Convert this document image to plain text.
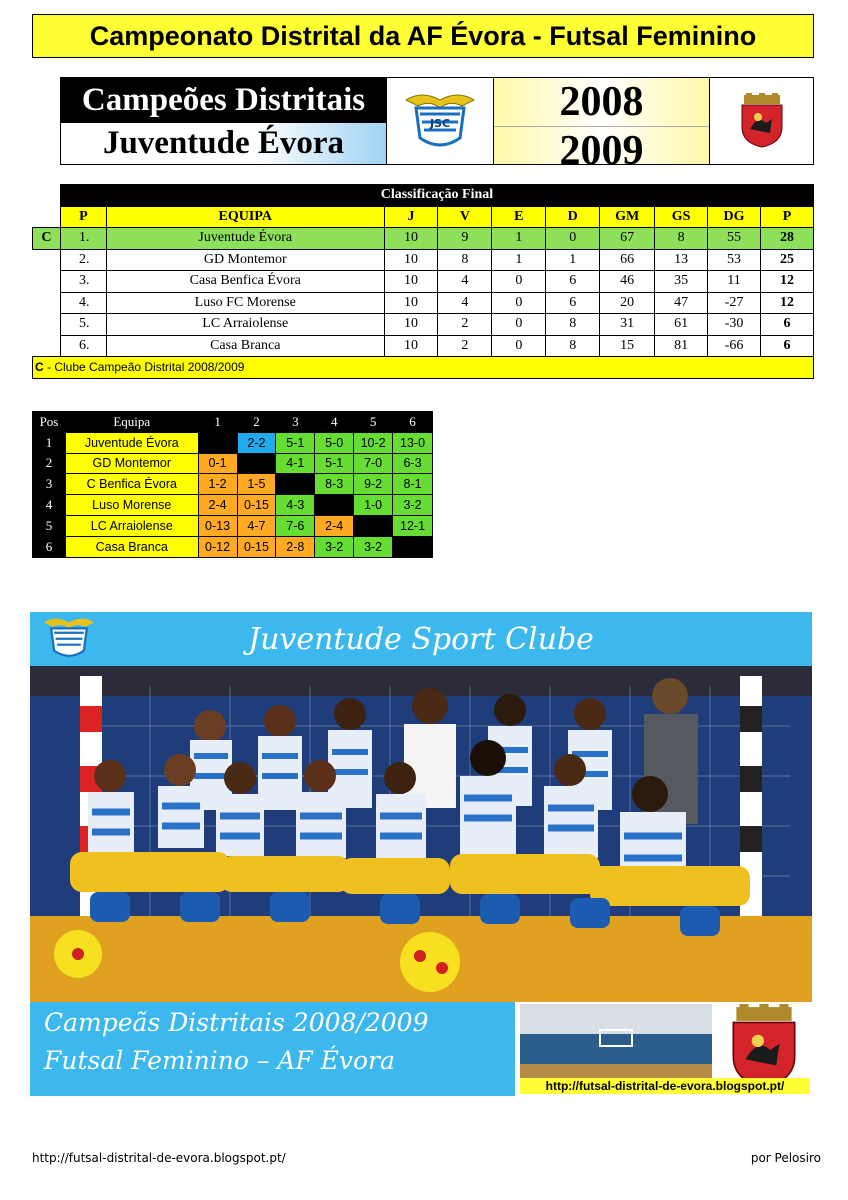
Campeonato Distrital da AF Évora - Futsal Feminino
Campeões Distritais
Juventude Évora
JSC	2008
2009
	Classificação Final									
	P	EQUIPA	J	V	E	D	GM	GS	DG	P
C	1.	Juventude Évora	10	9	1	0	67	8	55	28
	2.	GD Montemor	10	8	1	1	66	13	53	25
	3.	Casa Benfica Évora	10	4	0	6	46	35	11	12
	4.	Luso FC Morense	10	4	0	6	20	47	-27	12
	5.	LC Arraiolense	10	2	0	8	31	61	-30	6
	6.	Casa Branca	10	2	0	8	15	81	-66	6
C - Clube Campeão Distrital 2008/2009										
Pos	Equipa	1	2	3	4	5	6
1	Juventude Évora		2-2	5-1	5-0	10-2	13-0
2	GD Montemor	0-1		4-1	5-1	7-0	6-3
3	C Benfica Évora	1-2	1-5		8-3	9-2	8-1
4	Luso Morense	2-4	0-15	4-3		1-0	3-2
5	LC Arraiolense	0-13	4-7	7-6	2-4		12-1
6	Casa Branca	0-12	0-15	2-8	3-2	3-2	
Juventude Sport Clube
Campeãs Distritais 2008/2009
Futsal Feminino – AF Évora
http://futsal-distrital-de-evora.blogspot.pt/
http://futsal-distrital-de-evora.blogspot.pt/	por Pelosiro
